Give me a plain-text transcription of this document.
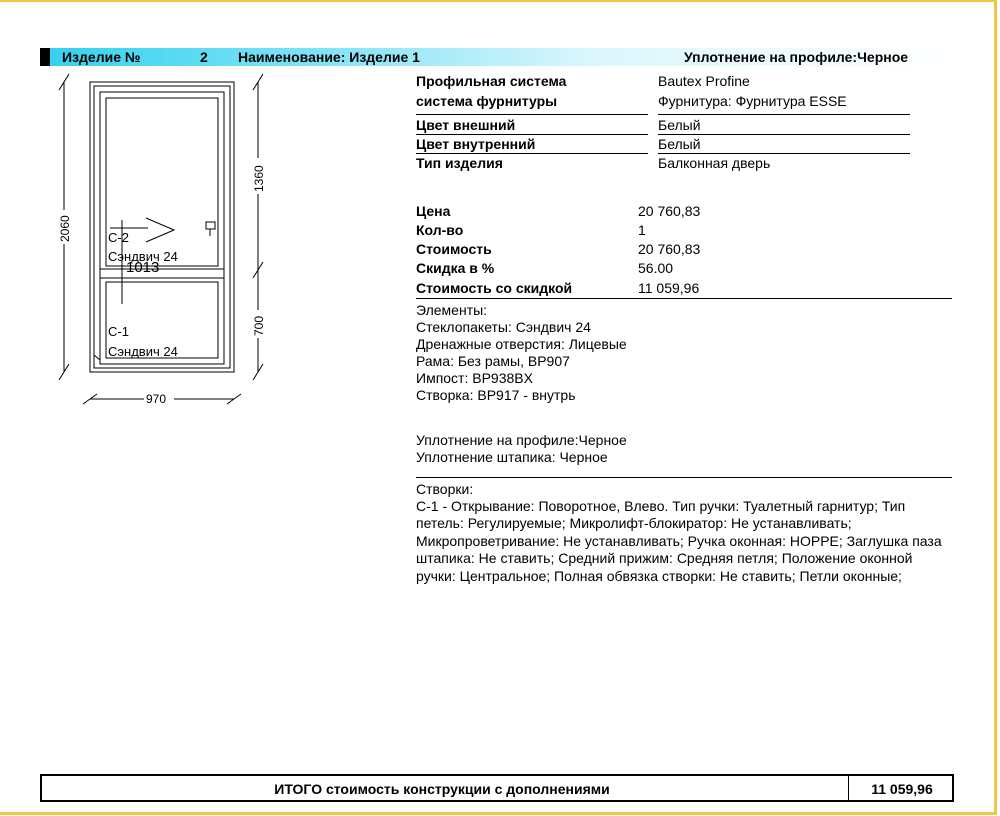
Изделие №	2 Наименование: Изделие 1	Уплотнение на профиле:Черное
2060
1360
700
970
С-2
Сэндвич 24
1013
С-1
Сэндвич 24
Профильная система	Bautex Profine
система фурнитуры	Фурнитура: Фурнитура ESSE
Цвет внешний	Белый
Цвет внутренний	Белый
Тип изделия	Балконная дверь
Цена	20 760,83
Кол-во	1
Стоимость	20 760,83
Скидка в %	56.00
Стоимость со скидкой	11 059,96
Элементы:
Стеклопакеты: Сэндвич 24
Дренажные отверстия: Лицевые
Рама: Без рамы, BP907
Импост: BP938BX
Створка: BP917 - внутрь
Уплотнение на профиле:Черное
Уплотнение штапика: Черное
Створки:
С-1 - Открывание: Поворотное, Влево. Тип ручки: Туалетный гарнитур; Тип петель: Регулируемые; Микролифт-блокиратор: Не устанавливать; Микропроветривание: Не устанавливать; Ручка оконная: HOPPE; Заглушка паза штапика: Не ставить; Средний прижим: Средняя петля; Положение оконной ручки: Центральное; Полная обвязка створки: Не ставить; Петли оконные;
ИТОГО стоимость конструкции с дополнениями	11 059,96
